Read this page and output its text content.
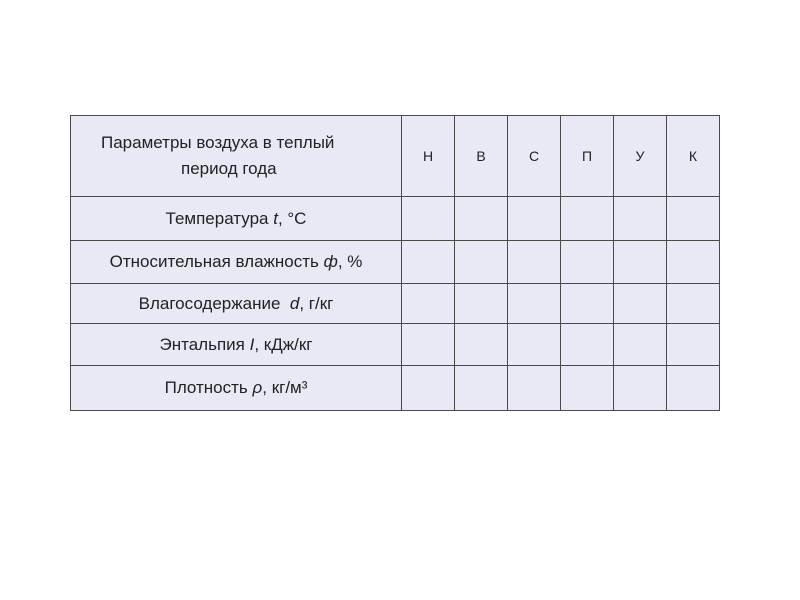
Параметры воздуха в теплый
период года	Н	В	С	П	У	К
Температура t, °С						
Относительная влажность ф, %						
Влагосодержание  d, г/кг						
Энтальпия I, кДж/кг						
Плотность ρ, кг/м³						
